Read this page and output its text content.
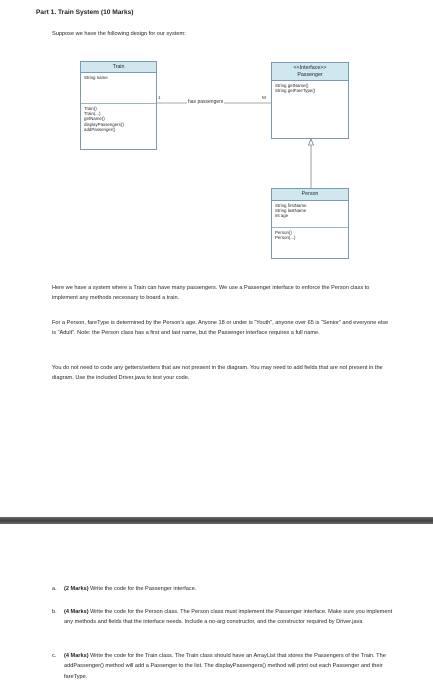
Part 1. Train System (10 Marks)
Suppose we have the following design for our system:
Train
String name
Train()
Train(...)
getName()
displayPassengers()
addPassenger()
<<Interface>>
Passenger
String getName()
String getFareType()
Person
String firstName
String lastName
int age
Person()
Person(...)
1	M
has passengers
Here we have a system where a Train can have many passengers. We use a Passenger interface to enforce the Person class to implement any methods necessary to board a train.
For a Person, fareType is determined by the Person’s age. Anyone 18 or under is “Youth”, anyone over 65 is “Senior” and everyone else is “Adult”. Note: the Person class has a first and last name, but the Passenger interface requires a full name.
You do not need to code any getters/setters that are not present in the diagram. You may need to add fields that are not present in the diagram. Use the included Driver.java to test your code.
a. (2 Marks) Write the code for the Passenger interface.
b. (4 Marks) Write the code for the Person class. The Person class must implement the Passenger interface. Make sure you implement any methods and fields that the interface needs. Include a no-arg constructor, and the constructor required by Driver.java
c. (4 Marks) Write the code for the Train class. The Train class should have an ArrayList that stores the Passengers of the Train. The addPassenger() method will add a Passenger to the list. The displayPassengers() method will print out each Passenger and their fareType.
